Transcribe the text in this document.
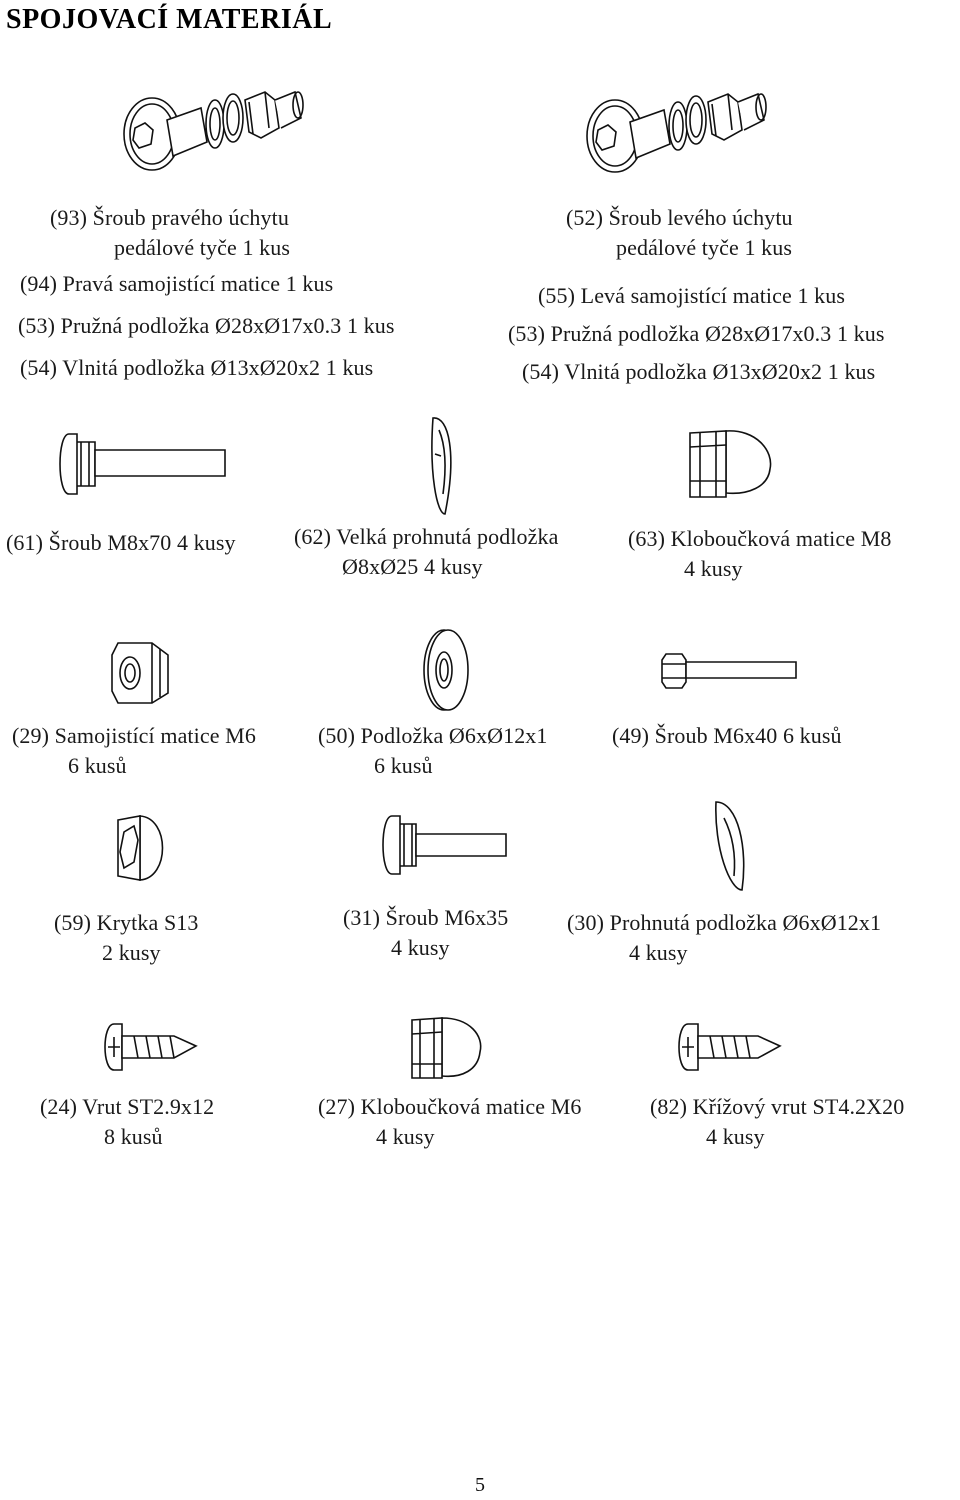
SPOJOVACÍ MATERIÁL
(93) Šroub pravého úchytu
pedálové tyče 1 kus
(94) Pravá samojistící matice 1 kus
(53) Pružná podložka Ø28xØ17x0.3 1 kus
(54) Vlnitá podložka Ø13xØ20x2 1 kus
(52) Šroub levého úchytu
pedálové tyče 1 kus
(55) Levá samojistící matice 1 kus
(53) Pružná podložka Ø28xØ17x0.3 1 kus
(54) Vlnitá podložka Ø13xØ20x2 1 kus
(61) Šroub M8x70 4 kusy	(62) Velká prohnutá podložka
Ø8xØ25 4 kusy
(63) Kloboučková matice M8
4 kusy
(29) Samojistící matice M6
6 kusů
(50) Podložka Ø6xØ12x1
6 kusů
(49) Šroub M6x40 6 kusů
(59) Krytka S13
2 kusy
(31) Šroub M6x35
4 kusy
(30) Prohnutá podložka Ø6xØ12x1
4 kusy
(24) Vrut ST2.9x12
8 kusů
(27) Kloboučková matice M6
4 kusy
(82) Křížový vrut ST4.2X20
4 kusy
5
